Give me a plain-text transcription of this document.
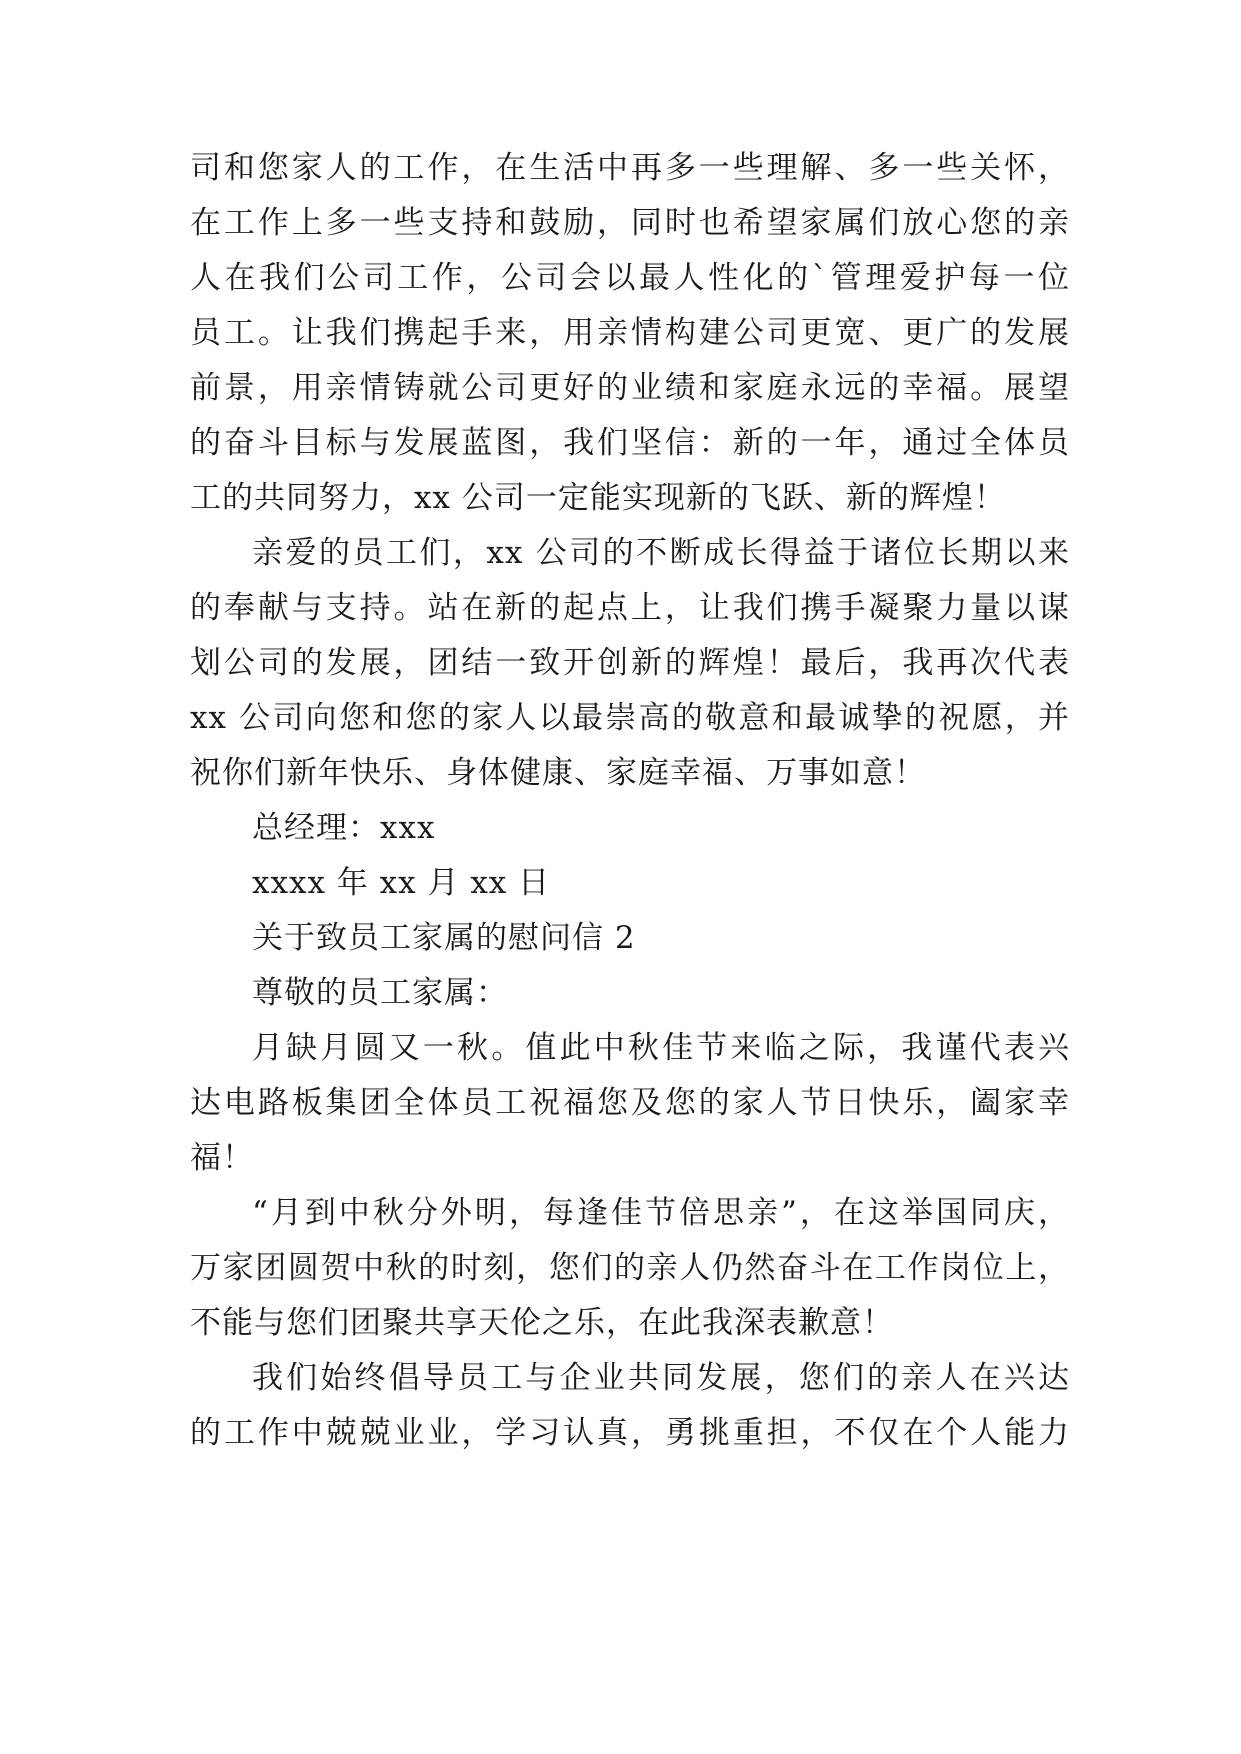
司和您家人的工作，在生活中再多一些理解、多一些关怀，
在工作上多一些支持和鼓励，同时也希望家属们放心您的亲
人在我们公司工作，公司会以最人性化的`管理爱护每一位
员工。让我们携起手来，用亲情构建公司更宽、更广的发展
前景，用亲情铸就公司更好的业绩和家庭永远的幸福。展望
的奋斗目标与发展蓝图，我们坚信：新的一年，通过全体员
工的共同努力，xx 公司一定能实现新的飞跃、新的辉煌！
亲爱的员工们，xx 公司的不断成长得益于诸位长期以来
的奉献与支持。站在新的起点上，让我们携手凝聚力量以谋
划公司的发展，团结一致开创新的辉煌！最后，我再次代表
xx 公司向您和您的家人以最崇高的敬意和最诚挚的祝愿，并
祝你们新年快乐、身体健康、家庭幸福、万事如意！
总经理：xxx
xxxx 年 xx 月 xx 日
关于致员工家属的慰问信 2
尊敬的员工家属：
月缺月圆又一秋。值此中秋佳节来临之际，我谨代表兴
达电路板集团全体员工祝福您及您的家人节日快乐，阖家幸
福！
“月到中秋分外明，每逢佳节倍思亲”，在这举国同庆，
万家团圆贺中秋的时刻，您们的亲人仍然奋斗在工作岗位上，
不能与您们团聚共享天伦之乐，在此我深表歉意！
我们始终倡导员工与企业共同发展，您们的亲人在兴达
的工作中兢兢业业，学习认真，勇挑重担，不仅在个人能力
